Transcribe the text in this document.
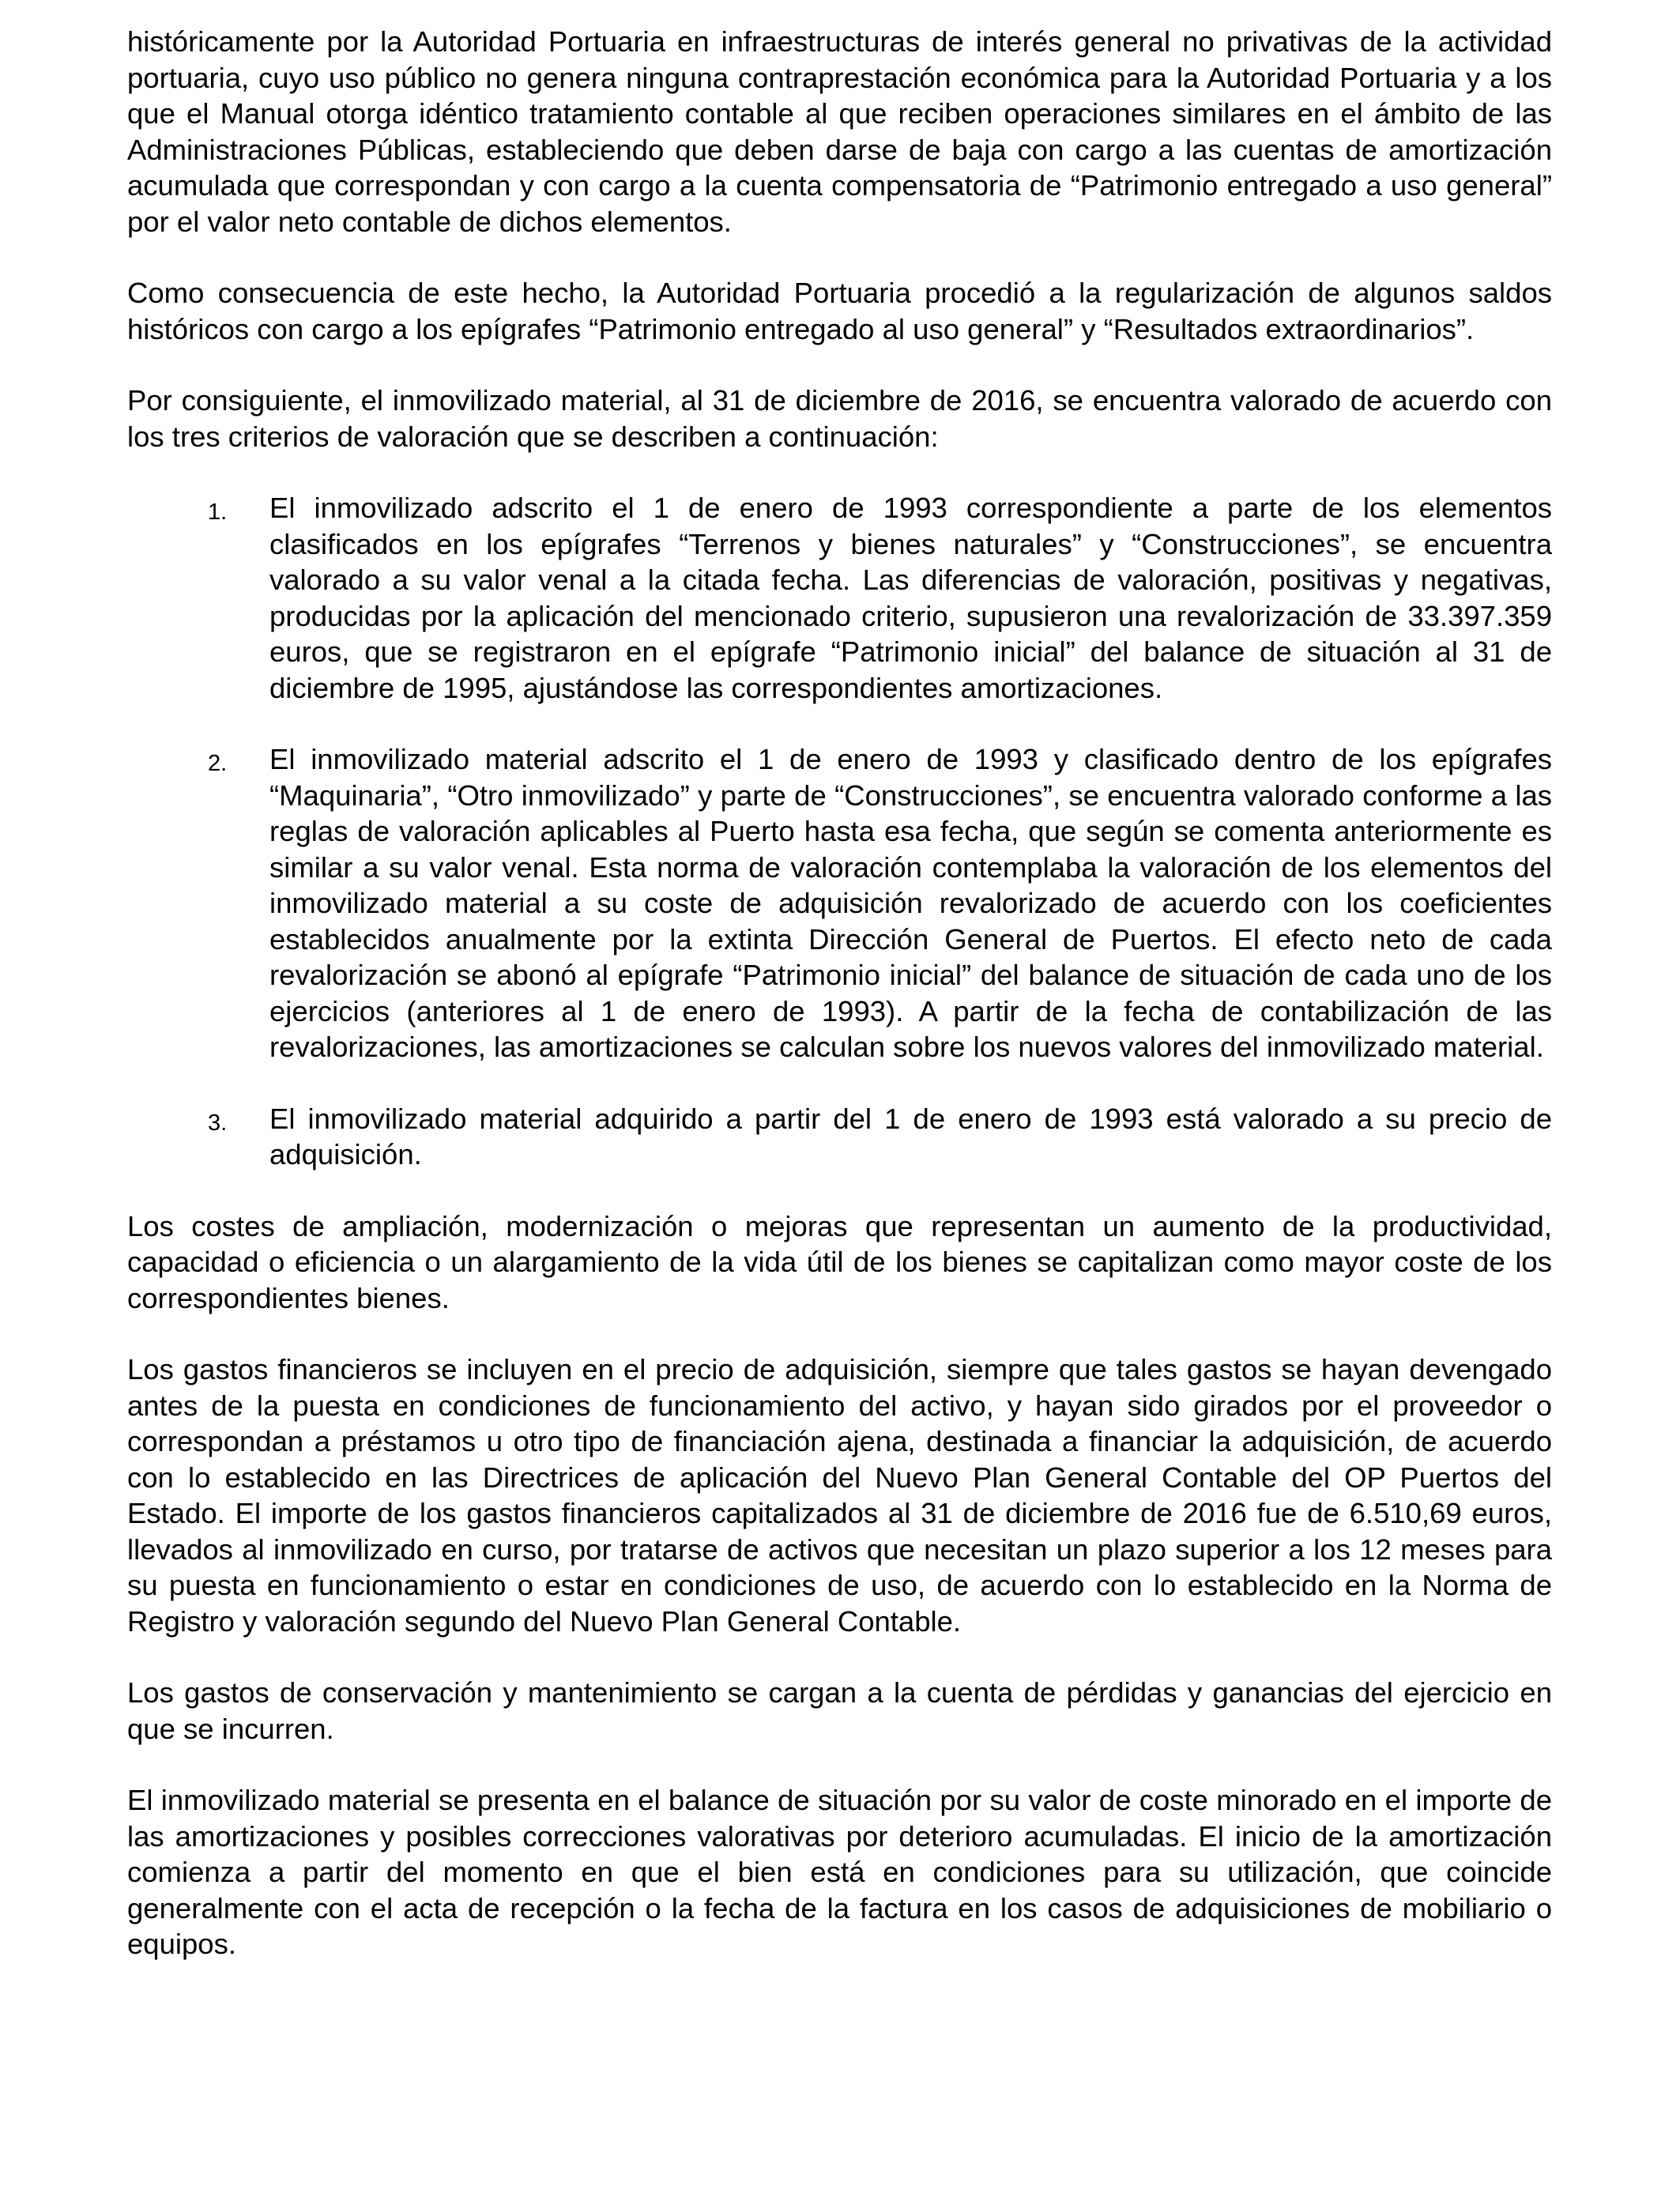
históricamente por la Autoridad Portuaria en infraestructuras de interés general no privativas de la actividad portuaria, cuyo uso público no genera ninguna contraprestación económica para la Autoridad Portuaria y a los que el Manual otorga idéntico tratamiento contable al que reciben operaciones similares en el ámbito de las Administraciones Públicas, estableciendo que deben darse de baja con cargo a las cuentas de amortización acumulada que correspondan y con cargo a la cuenta compensatoria de “Patrimonio entregado a uso general” por el valor neto contable de dichos elementos.

Como consecuencia de este hecho, la Autoridad Portuaria procedió a la regularización de algunos saldos históricos con cargo a los epígrafes “Patrimonio entregado al uso general” y “Resultados extraordinarios”.

Por consiguiente, el inmovilizado material, al 31 de diciembre de 2016, se encuentra valorado de acuerdo con los tres criterios de valoración que se describen a continuación:

1. El inmovilizado adscrito el 1 de enero de 1993 correspondiente a parte de los elementos clasificados en los epígrafes “Terrenos y bienes naturales” y “Construcciones”, se encuentra valorado a su valor venal a la citada fecha. Las diferencias de valoración, positivas y negativas, producidas por la aplicación del mencionado criterio, supusieron una revalorización de 33.397.359 euros, que se registraron en el epígrafe “Patrimonio inicial” del balance de situación al 31 de diciembre de 1995, ajustándose las correspondientes amortizaciones.

2. El inmovilizado material adscrito el 1 de enero de 1993 y clasificado dentro de los epígrafes “Maquinaria”, “Otro inmovilizado” y parte de “Construcciones”, se encuentra valorado conforme a las reglas de valoración aplicables al Puerto hasta esa fecha, que según se comenta anteriormente es similar a su valor venal. Esta norma de valoración contemplaba la valoración de los elementos del inmovilizado material a su coste de adquisición revalorizado de acuerdo con los coeficientes establecidos anualmente por la extinta Dirección General de Puertos. El efecto neto de cada revalorización se abonó al epígrafe “Patrimonio inicial” del balance de situación de cada uno de los ejercicios (anteriores al 1 de enero de 1993). A partir de la fecha de contabilización de las revalorizaciones, las amortizaciones se calculan sobre los nuevos valores del inmovilizado material.

3. El inmovilizado material adquirido a partir del 1 de enero de 1993 está valorado a su precio de adquisición.

Los costes de ampliación, modernización o mejoras que representan un aumento de la productividad, capacidad o eficiencia o un alargamiento de la vida útil de los bienes se capitalizan como mayor coste de los correspondientes bienes.

Los gastos financieros se incluyen en el precio de adquisición, siempre que tales gastos se hayan devengado antes de la puesta en condiciones de funcionamiento del activo, y hayan sido girados por el proveedor o correspondan a préstamos u otro tipo de financiación ajena, destinada a financiar la adquisición, de acuerdo con lo establecido en las Directrices de aplicación del Nuevo Plan General Contable del OP Puertos del Estado. El importe de los gastos financieros capitalizados al 31 de diciembre de 2016 fue de 6.510,69 euros, llevados al inmovilizado en curso, por tratarse de activos que necesitan un plazo superior a los 12 meses para su puesta en funcionamiento o estar en condiciones de uso, de acuerdo con lo establecido en la Norma de Registro y valoración segundo del Nuevo Plan General Contable.

Los gastos de conservación y mantenimiento se cargan a la cuenta de pérdidas y ganancias del ejercicio en que se incurren.

El inmovilizado material se presenta en el balance de situación por su valor de coste minorado en el importe de las amortizaciones y posibles correcciones valorativas por deterioro acumuladas. El inicio de la amortización comienza a partir del momento en que el bien está en condiciones para su utilización, que coincide generalmente con el acta de recepción o la fecha de la factura en los casos de adquisiciones de mobiliario o equipos.
